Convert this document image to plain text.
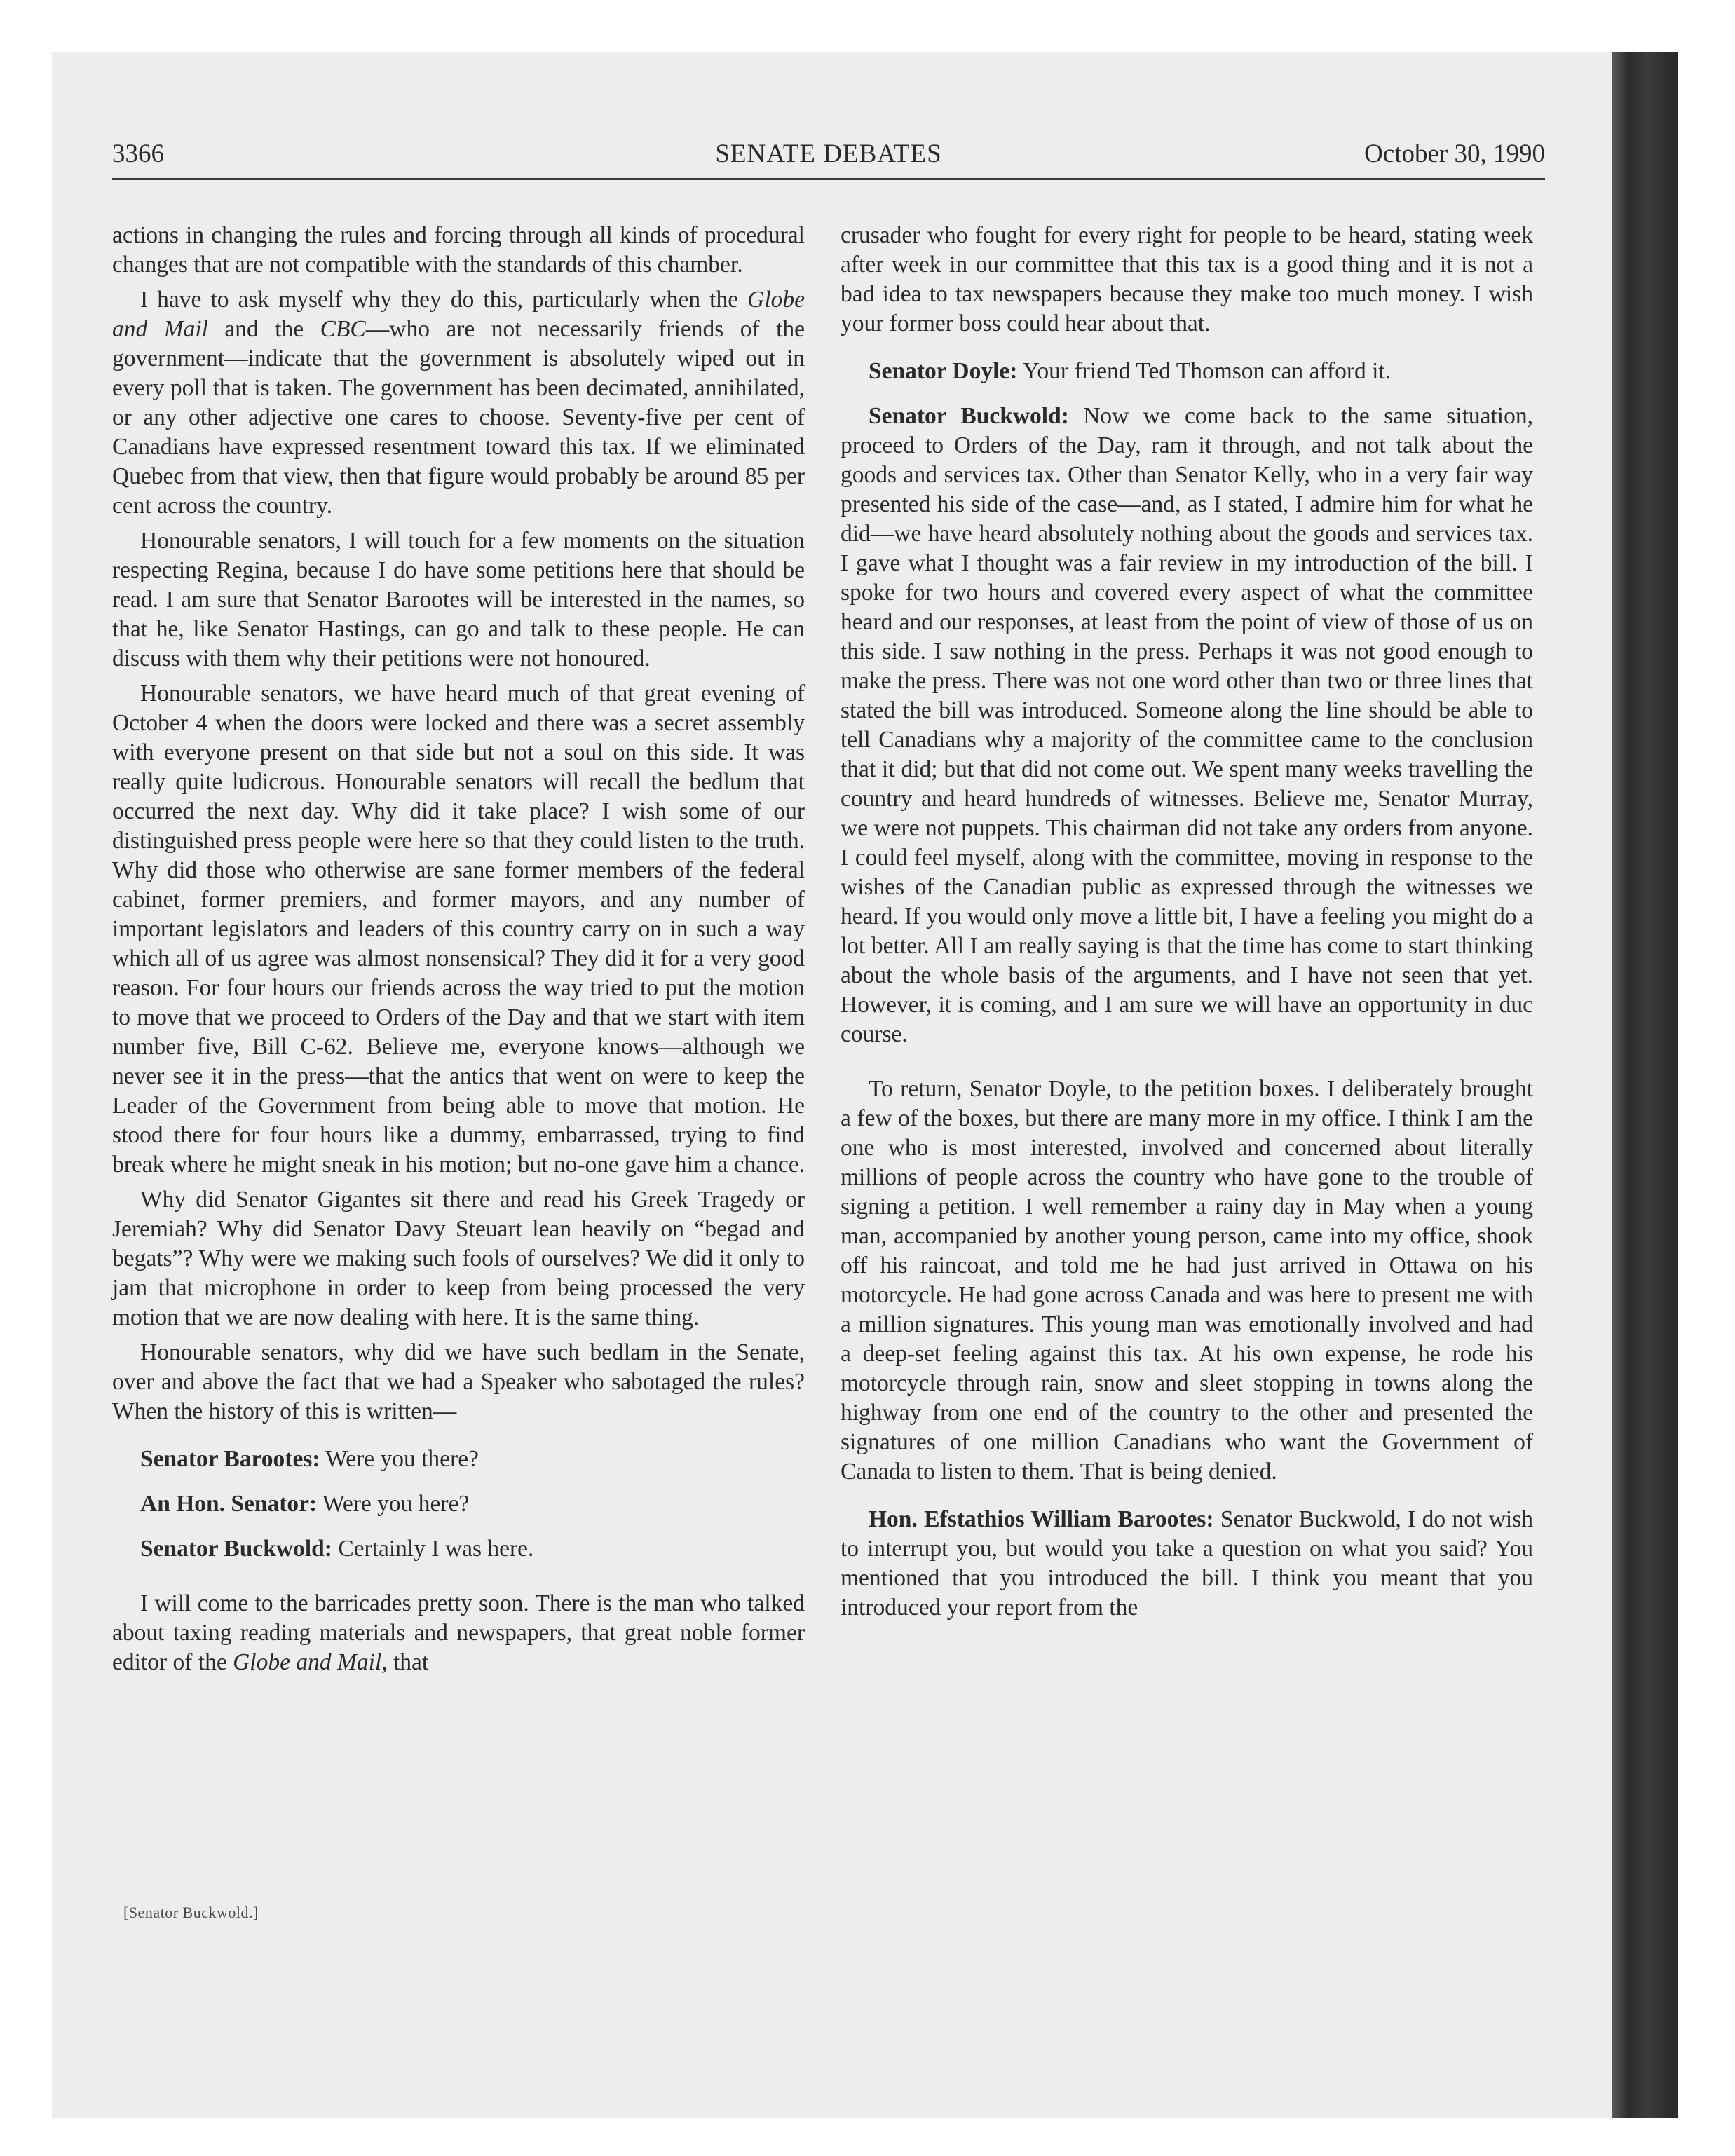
3366	SENATE DEBATES	October 30, 1990

actions in changing the rules and forcing through all kinds of procedural changes that are not compatible with the standards of this chamber.

I have to ask myself why they do this, particularly when the Globe and Mail and the CBC—who are not necessarily friends of the government—indicate that the government is absolutely wiped out in every poll that is taken. The government has been decimated, annihilated, or any other adjective one cares to choose. Seventy-five per cent of Canadians have expressed resentment toward this tax. If we eliminated Quebec from that view, then that figure would probably be around 85 per cent across the country.

Honourable senators, I will touch for a few moments on the situation respecting Regina, because I do have some petitions here that should be read. I am sure that Senator Barootes will be interested in the names, so that he, like Senator Hastings, can go and talk to these people. He can discuss with them why their petitions were not honoured.

Honourable senators, we have heard much of that great evening of October 4 when the doors were locked and there was a secret assembly with everyone present on that side but not a soul on this side. It was really quite ludicrous. Honourable senators will recall the bedlum that occurred the next day. Why did it take place? I wish some of our distinguished press people were here so that they could listen to the truth. Why did those who otherwise are sane former members of the federal cabinet, former premiers, and former mayors, and any number of important legislators and leaders of this country carry on in such a way which all of us agree was almost nonsensical? They did it for a very good reason. For four hours our friends across the way tried to put the motion to move that we proceed to Orders of the Day and that we start with item number five, Bill C-62. Believe me, everyone knows—although we never see it in the press—that the antics that went on were to keep the Leader of the Government from being able to move that motion. He stood there for four hours like a dummy, embarrassed, trying to find break where he might sneak in his motion; but no-one gave him a chance.

Why did Senator Gigantes sit there and read his Greek Tragedy or Jeremiah? Why did Senator Davy Steuart lean heavily on “begad and begats”? Why were we making such fools of ourselves? We did it only to jam that microphone in order to keep from being processed the very motion that we are now dealing with here. It is the same thing.

Honourable senators, why did we have such bedlam in the Senate, over and above the fact that we had a Speaker who sabotaged the rules? When the history of this is written—

Senator Barootes: Were you there?

An Hon. Senator: Were you here?

Senator Buckwold: Certainly I was here.

I will come to the barricades pretty soon. There is the man who talked about taxing reading materials and newspapers, that great noble former editor of the Globe and Mail, that

crusader who fought for every right for people to be heard, stating week after week in our committee that this tax is a good thing and it is not a bad idea to tax newspapers because they make too much money. I wish your former boss could hear about that.

Senator Doyle: Your friend Ted Thomson can afford it.

Senator Buckwold: Now we come back to the same situation, proceed to Orders of the Day, ram it through, and not talk about the goods and services tax. Other than Senator Kelly, who in a very fair way presented his side of the case—and, as I stated, I admire him for what he did—we have heard absolutely nothing about the goods and services tax. I gave what I thought was a fair review in my introduction of the bill. I spoke for two hours and covered every aspect of what the committee heard and our responses, at least from the point of view of those of us on this side. I saw nothing in the press. Perhaps it was not good enough to make the press. There was not one word other than two or three lines that stated the bill was introduced. Someone along the line should be able to tell Canadians why a majority of the committee came to the conclusion that it did; but that did not come out. We spent many weeks travelling the country and heard hundreds of witnesses. Believe me, Senator Murray, we were not puppets. This chairman did not take any orders from anyone. I could feel myself, along with the committee, moving in response to the wishes of the Canadian public as expressed through the witnesses we heard. If you would only move a little bit, I have a feeling you might do a lot better. All I am really saying is that the time has come to start thinking about the whole basis of the arguments, and I have not seen that yet. However, it is coming, and I am sure we will have an opportunity in duc course.

To return, Senator Doyle, to the petition boxes. I deliberately brought a few of the boxes, but there are many more in my office. I think I am the one who is most interested, involved and concerned about literally millions of people across the country who have gone to the trouble of signing a petition. I well remember a rainy day in May when a young man, accompanied by another young person, came into my office, shook off his raincoat, and told me he had just arrived in Ottawa on his motorcycle. He had gone across Canada and was here to present me with a million signatures. This young man was emotionally involved and had a deep-set feeling against this tax. At his own expense, he rode his motorcycle through rain, snow and sleet stopping in towns along the highway from one end of the country to the other and presented the signatures of one million Canadians who want the Government of Canada to listen to them. That is being denied.

Hon. Efstathios William Barootes: Senator Buckwold, I do not wish to interrupt you, but would you take a question on what you said? You mentioned that you introduced the bill. I think you meant that you introduced your report from the

[Senator Buckwold.]
